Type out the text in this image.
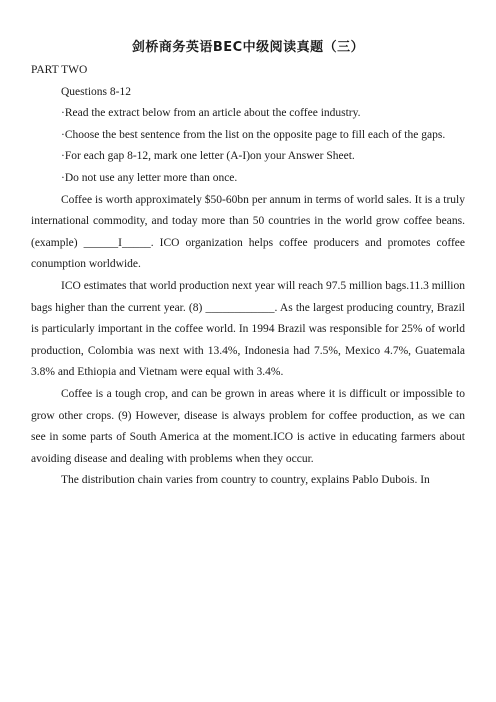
剑桥商务英语BEC中级阅读真题（三）

PART TWO

Questions 8-12

·Read the extract below from an article about the coffee industry.

·Choose the best sentence from the list on the opposite page to fill each of the gaps.

·For each gap 8-12, mark one letter (A-I)on your Answer Sheet.

·Do not use any letter more than once.

Coffee is worth approximately $50-60bn per annum in terms of world sales. It is a truly international commodity, and today more than 50 countries in the world grow coffee beans. (example) ______I_____. ICO organization helps coffee producers and promotes coffee conumption worldwide.

ICO estimates that world production next year will reach 97.5 million bags.11.3 million bags higher than the current year. (8) ____________. As the largest producing country, Brazil is particularly important in the coffee world. In 1994 Brazil was responsible for 25% of world production, Colombia was next with 13.4%, Indonesia had 7.5%, Mexico 4.7%, Guatemala 3.8% and Ethiopia and Vietnam were equal with 3.4%.

Coffee is a tough crop, and can be grown in areas where it is difficult or impossible to grow other crops. (9) However, disease is always problem for coffee production, as we can see in some parts of South America at the moment.ICO is active in educating farmers about avoiding disease and dealing with problems when they occur.

The distribution chain varies from country to country, explains Pablo Dubois. In
